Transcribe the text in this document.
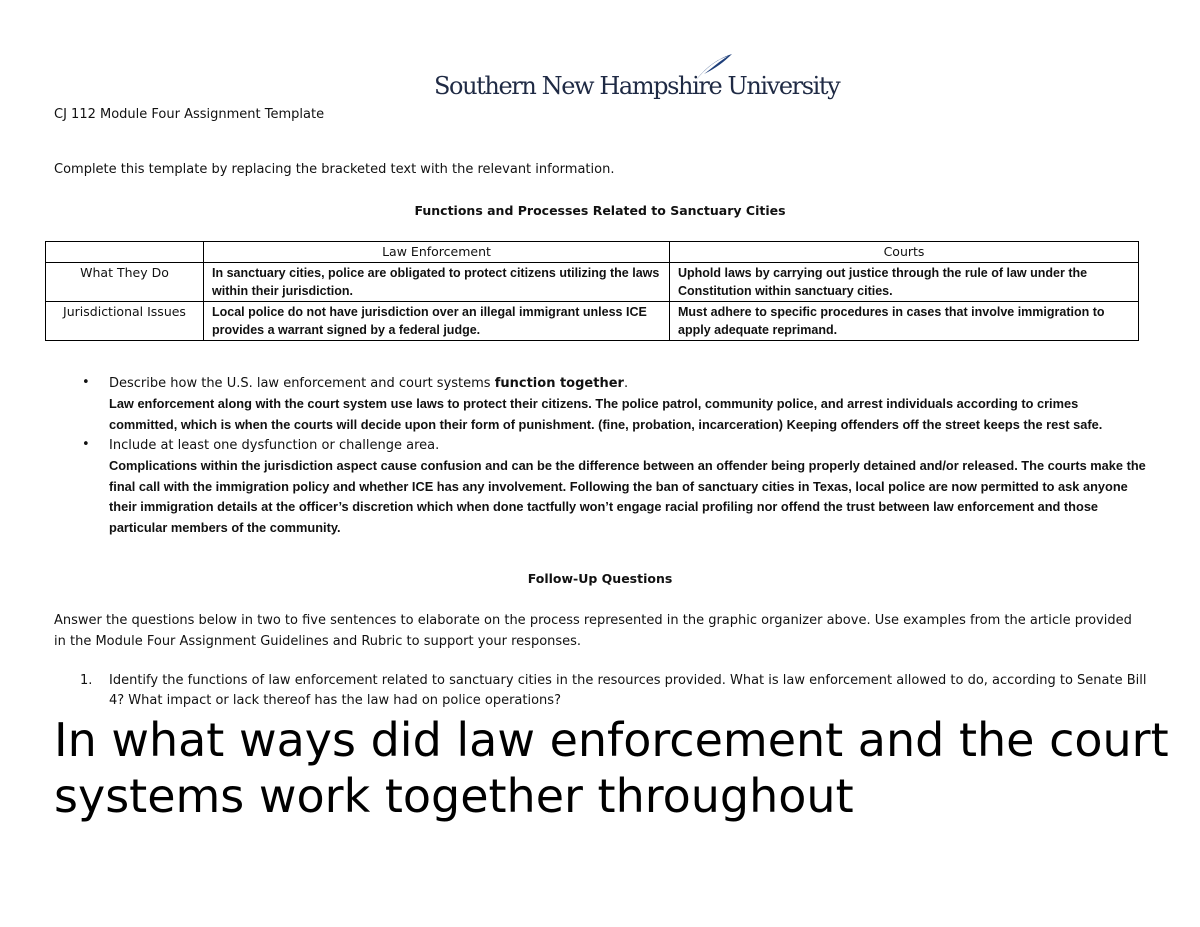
Southern New Hampshire University
CJ 112 Module Four Assignment Template
Complete this template by replacing the bracketed text with the relevant information.
Functions and Processes Related to Sanctuary Cities
	Law Enforcement	Courts
What They Do	In sanctuary cities, police are obligated to protect citizens utilizing the laws within their jurisdiction.	Uphold laws by carrying out justice through the rule of law under the Constitution within sanctuary cities.
Jurisdictional Issues	Local police do not have jurisdiction over an illegal immigrant unless ICE provides a warrant signed by a federal judge.	Must adhere to specific procedures in cases that involve immigration to apply adequate reprimand.
• Describe how the U.S. law enforcement and court systems function together.
Law enforcement along with the court system use laws to protect their citizens. The police patrol, community police, and arrest individuals according to crimes committed, which is when the courts will decide upon their form of punishment. (fine, probation, incarceration) Keeping offenders off the street keeps the rest safe.
• Include at least one dysfunction or challenge area.
Complications within the jurisdiction aspect cause confusion and can be the difference between an offender being properly detained and/or released. The courts make the final call with the immigration policy and whether ICE has any involvement. Following the ban of sanctuary cities in Texas, local police are now permitted to ask anyone their immigration details at the officer’s discretion which when done tactfully won’t engage racial profiling nor offend the trust between law enforcement and those particular members of the community.
Follow-Up Questions
Answer the questions below in two to five sentences to elaborate on the process represented in the graphic organizer above. Use examples from the article provided in the Module Four Assignment Guidelines and Rubric to support your responses.
1. Identify the functions of law enforcement related to sanctuary cities in the resources provided. What is law enforcement allowed to do, according to Senate Bill 4? What impact or lack thereof has the law had on police operations?
In what ways did law enforcement and the court systems work together throughout
